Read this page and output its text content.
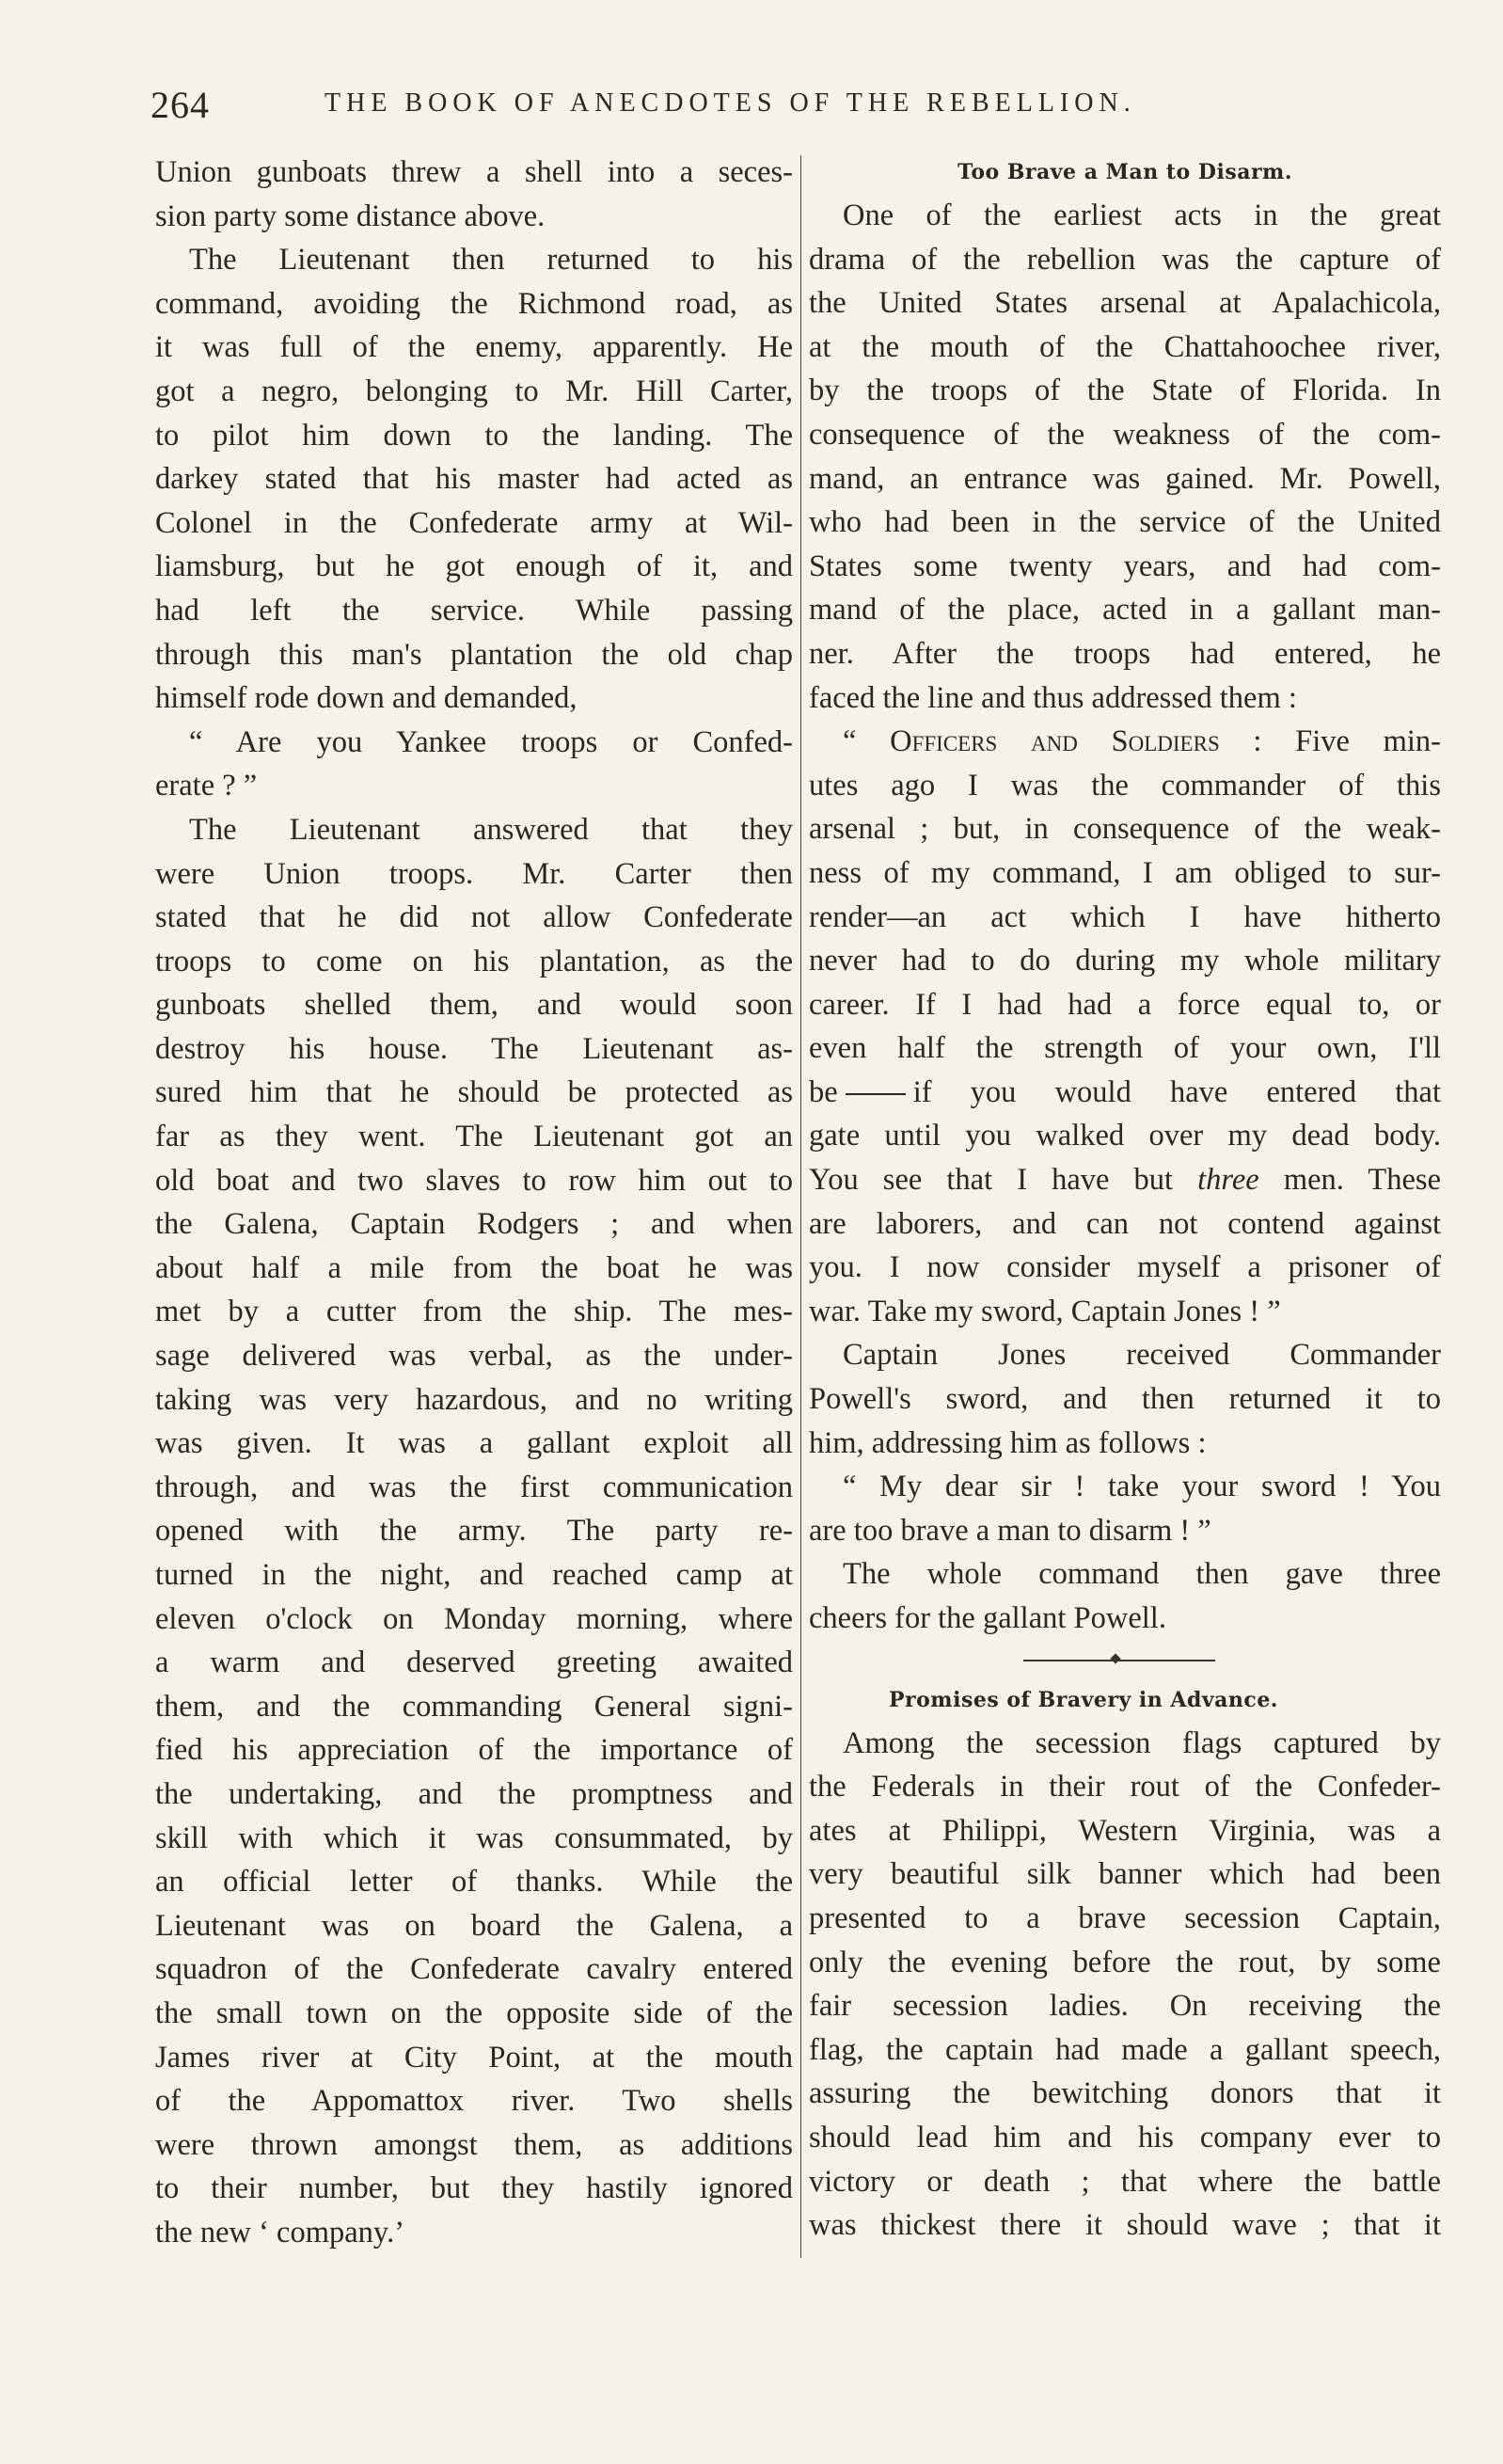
264	THE BOOK OF ANECDOTES OF THE REBELLION.

Union gunboats threw a shell into a seces-

sion party some distance above.

The Lieutenant then returned to his

command, avoiding the Richmond road, as

it was full of the enemy, apparently. He

got a negro, belonging to Mr. Hill Carter,

to pilot him down to the landing. The

darkey stated that his master had acted as

Colonel in the Confederate army at Wil-

liamsburg, but he got enough of it, and

had left the service. While passing

through this man's plantation the old chap

himself rode down and demanded,

“ Are you Yankee troops or Confed-

erate ? ”

The Lieutenant answered that they

were Union troops. Mr. Carter then

stated that he did not allow Confederate

troops to come on his plantation, as the

gunboats shelled them, and would soon

destroy his house. The Lieutenant as-

sured him that he should be protected as

far as they went. The Lieutenant got an

old boat and two slaves to row him out to

the Galena, Captain Rodgers ; and when

about half a mile from the boat he was

met by a cutter from the ship. The mes-

sage delivered was verbal, as the under-

taking was very hazardous, and no writing

was given. It was a gallant exploit all

through, and was the first communication

opened with the army. The party re-

turned in the night, and reached camp at

eleven o'clock on Monday morning, where

a warm and deserved greeting awaited

them, and the commanding General signi-

fied his appreciation of the importance of

the undertaking, and the promptness and

skill with which it was consummated, by

an official letter of thanks. While the

Lieutenant was on board the Galena, a

squadron of the Confederate cavalry entered

the small town on the opposite side of the

James river at City Point, at the mouth

of the Appomattox river. Two shells

were thrown amongst them, as additions

to their number, but they hastily ignored

the new ‘ company.’

Too Brave a Man to Disarm.

One of the earliest acts in the great

drama of the rebellion was the capture of

the United States arsenal at Apalachicola,

at the mouth of the Chattahoochee river,

by the troops of the State of Florida. In

consequence of the weakness of the com-

mand, an entrance was gained. Mr. Powell,

who had been in the service of the United

States some twenty years, and had com-

mand of the place, acted in a gallant man-

ner. After the troops had entered, he

faced the line and thus addressed them :

“ Officers and Soldiers : Five min-

utes ago I was the commander of this

arsenal ; but, in consequence of the weak-

ness of my command, I am obliged to sur-

render—an act which I have hitherto

never had to do during my whole military

career. If I had had a force equal to, or

even half the strength of your own, I'll

be if you would have entered that

gate until you walked over my dead body.

You see that I have but three men. These

are laborers, and can not contend against

you. I now consider myself a prisoner of

war. Take my sword, Captain Jones ! ”

Captain Jones received Commander

Powell's sword, and then returned it to

him, addressing him as follows :

“ My dear sir ! take your sword ! You

are too brave a man to disarm ! ”

The whole command then gave three

cheers for the gallant Powell.

Promises of Bravery in Advance.

Among the secession flags captured by

the Federals in their rout of the Confeder-

ates at Philippi, Western Virginia, was a

very beautiful silk banner which had been

presented to a brave secession Captain,

only the evening before the rout, by some

fair secession ladies. On receiving the

flag, the captain had made a gallant speech,

assuring the bewitching donors that it

should lead him and his company ever to

victory or death ; that where the battle

was thickest there it should wave ; that it
